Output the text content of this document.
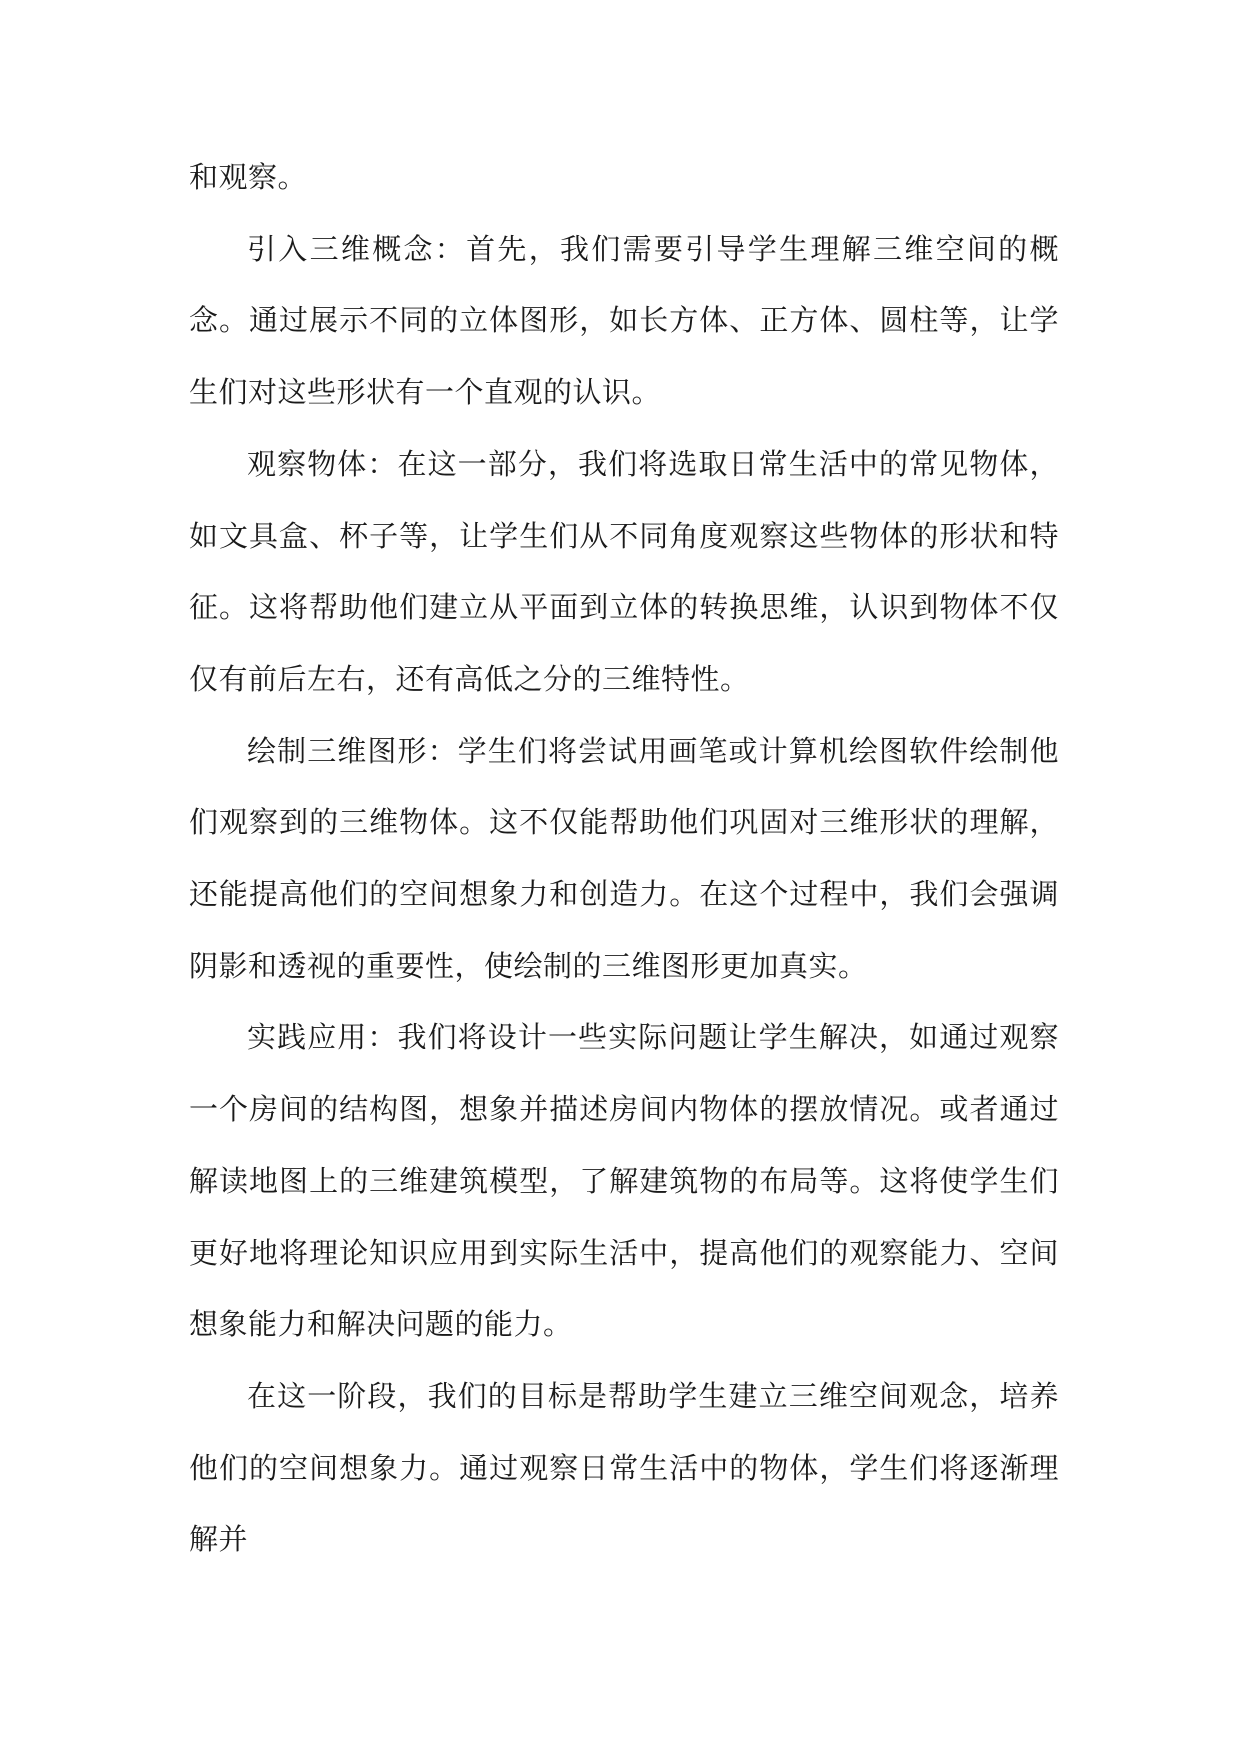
和观察。

引入三维概念：首先，我们需要引导学生理解三维空间的概念。通过展示不同的立体图形，如长方体、正方体、圆柱等，让学生们对这些形状有一个直观的认识。

观察物体：在这一部分，我们将选取日常生活中的常见物体，如文具盒、杯子等，让学生们从不同角度观察这些物体的形状和特征。这将帮助他们建立从平面到立体的转换思维，认识到物体不仅仅有前后左右，还有高低之分的三维特性。

绘制三维图形：学生们将尝试用画笔或计算机绘图软件绘制他们观察到的三维物体。这不仅能帮助他们巩固对三维形状的理解，还能提高他们的空间想象力和创造力。在这个过程中，我们会强调阴影和透视的重要性，使绘制的三维图形更加真实。

实践应用：我们将设计一些实际问题让学生解决，如通过观察一个房间的结构图，想象并描述房间内物体的摆放情况。或者通过解读地图上的三维建筑模型，了解建筑物的布局等。这将使学生们更好地将理论知识应用到实际生活中，提高他们的观察能力、空间想象能力和解决问题的能力。

在这一阶段，我们的目标是帮助学生建立三维空间观念，培养他们的空间想象力。通过观察日常生活中的物体，学生们将逐渐理解并
